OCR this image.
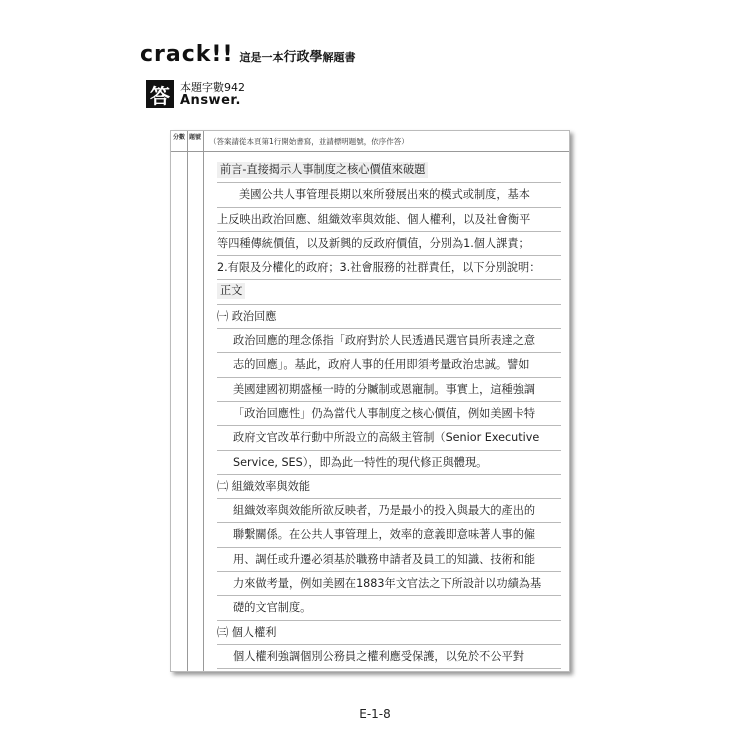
crack!! 這是一本行政學解題書
答 本題字數942
Answer.
分數 題號 （答案請從本頁第1行開始書寫，並請標明題號，依序作答）
前言-直接揭示人事制度之核心價值來破題
美國公共人事管理長期以來所發展出來的模式或制度，基本
上反映出政治回應、組織效率與效能、個人權利，以及社會衡平
等四種傳統價值，以及新興的反政府價值，分別為1.個人課責；
2.有限及分權化的政府；3.社會服務的社群責任，以下分別說明：
正文
㈠ 政治回應
政治回應的理念係指「政府對於人民透過民選官員所表達之意
志的回應」。基此，政府人事的任用即須考量政治忠誠。譬如
美國建國初期盛極一時的分贓制或恩寵制。事實上，這種強調
「政治回應性」仍為當代人事制度之核心價值，例如美國卡特
政府文官改革行動中所設立的高級主管制（Senior Executive
Service, SES），即為此一特性的現代修正與體現。
㈡ 組織效率與效能
組織效率與效能所欲反映者，乃是最小的投入與最大的產出的
聯繫關係。在公共人事管理上，效率的意義即意味著人事的僱
用、調任或升遷必須基於職務申請者及員工的知識、技術和能
力來做考量，例如美國在1883年文官法之下所設計以功績為基
礎的文官制度。
㈢ 個人權利
個人權利強調個別公務員之權利應受保護，以免於不公平對
E-1-8
